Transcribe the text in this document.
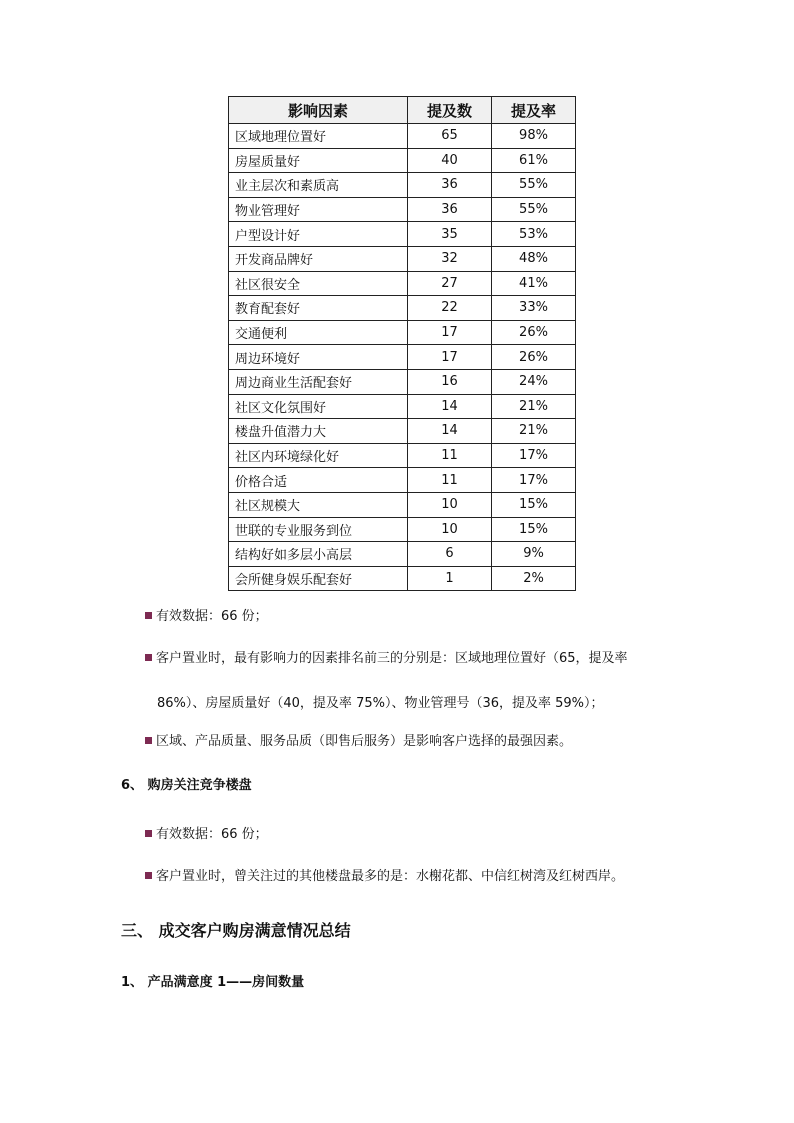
影响因素	提及数	提及率
区域地理位置好	65	98%
房屋质量好	40	61%
业主层次和素质高	36	55%
物业管理好	36	55%
户型设计好	35	53%
开发商品牌好	32	48%
社区很安全	27	41%
教育配套好	22	33%
交通便利	17	26%
周边环境好	17	26%
周边商业生活配套好	16	24%
社区文化氛围好	14	21%
楼盘升值潜力大	14	21%
社区内环境绿化好	11	17%
价格合适	11	17%
社区规模大	10	15%
世联的专业服务到位	10	15%
结构好如多层小高层	6	9%
会所健身娱乐配套好	1	2%
有效数据：66 份；
客户置业时，最有影响力的因素排名前三的分别是：区域地理位置好（65，提及率
86%）、房屋质量好（40，提及率 75%）、物业管理号（36，提及率 59%）；
区域、产品质量、服务品质（即售后服务）是影响客户选择的最强因素。
6、 购房关注竞争楼盘
有效数据：66 份；
客户置业时，曾关注过的其他楼盘最多的是：水榭花都、中信红树湾及红树西岸。
三、 成交客户购房满意情况总结
1、 产品满意度 1——房间数量
